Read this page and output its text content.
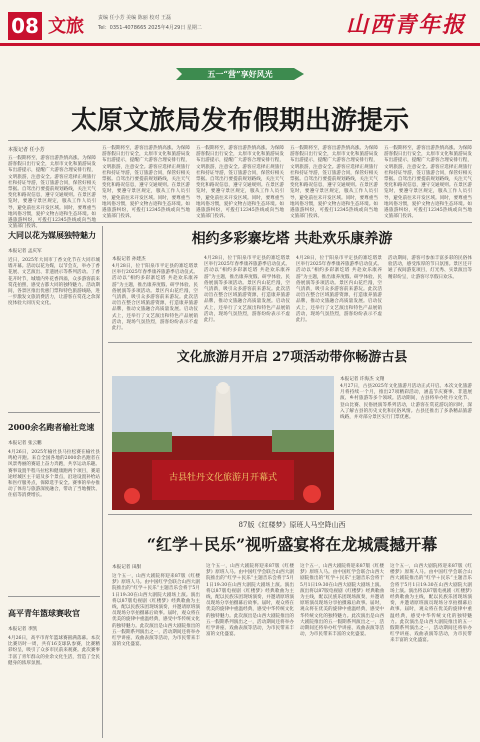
08 文旅	责编 任小芳 美编 陈丽 校对 王磊
Tel：0351-4078665 2025年4月29日 星期二	山西青年报
五一“营”享好风光
太原文旅局发布假期出游提示
本报记者 任小芳
五一假期将至，游客出游热情高涨。为保障游客假日出行安全，太原市文化和旅游局发布出游提示，提醒广大游客合理安排行程，文明旅游，注意安全。游客应选择正规旅行社和持证导游，签订旅游合同，保管好相关票据。自驾出行要提前规划路线，关注天气变化和路况信息，遵守交通规则。在景区游览时，要遵守景区规定，服从工作人员引导，避免前往未开发区域。同时，要尊重当地风俗习惯，爱护文物古迹和生态环境。如遇旅游纠纷，可拨打12345热线或向当地文旅部门投诉。
五一假期将至，游客出游热情高涨。为保障游客假日出行安全，太原市文化和旅游局发布出游提示，提醒广大游客合理安排行程，文明旅游，注意安全。游客应选择正规旅行社和持证导游，签订旅游合同，保管好相关票据。自驾出行要提前规划路线，关注天气变化和路况信息，遵守交通规则。在景区游览时，要遵守景区规定，服从工作人员引导，避免前往未开发区域。同时，要尊重当地风俗习惯，爱护文物古迹和生态环境。如遇旅游纠纷，可拨打12345热线或向当地文旅部门投诉。
五一假期将至，游客出游热情高涨。为保障游客假日出行安全，太原市文化和旅游局发布出游提示，提醒广大游客合理安排行程，文明旅游，注意安全。游客应选择正规旅行社和持证导游，签订旅游合同，保管好相关票据。自驾出行要提前规划路线，关注天气变化和路况信息，遵守交通规则。在景区游览时，要遵守景区规定，服从工作人员引导，避免前往未开发区域。同时，要尊重当地风俗习惯，爱护文物古迹和生态环境。如遇旅游纠纷，可拨打12345热线或向当地文旅部门投诉。
五一假期将至，游客出游热情高涨。为保障游客假日出行安全，太原市文化和旅游局发布出游提示，提醒广大游客合理安排行程，文明旅游，注意安全。游客应选择正规旅行社和持证导游，签订旅游合同，保管好相关票据。自驾出行要提前规划路线，关注天气变化和路况信息，遵守交通规则。在景区游览时，要遵守景区规定，服从工作人员引导，避免前往未开发区域。同时，要尊重当地风俗习惯，爱护文物古迹和生态环境。如遇旅游纠纷，可拨打12345热线或向当地文旅部门投诉。
五一假期将至，游客出游热情高涨。为保障游客假日出行安全，太原市文化和旅游局发布出游提示，提醒广大游客合理安排行程，文明旅游，注意安全。游客应选择正规旅行社和持证导游，签订旅游合同，保管好相关票据。自驾出行要提前规划路线，关注天气变化和路况信息，遵守交通规则。在景区游览时，要遵守景区规定，服从工作人员引导，避免前往未开发区域。同时，要尊重当地风俗习惯，爱护文物古迹和生态环境。如遇旅游纠纷，可拨打12345热线或向当地文旅部门投诉。
大同以花为媒展独特魅力
本报记者 孟庆军
近日，2025年大同市丁香文化节在大同市城墙开幕。活动以花为媒，以节会友，举办丁香花展、文艺演出、非遗展示等系列活动。丁香花开时节，城墙内外花香四溢，众多游客前来赏花拍照，感受古都大同的独特魅力。活动期间，各景区推出优惠门票和特色旅游线路，进一步激发文旅消费活力，让游客在赏花之余深度体验大同历史文化。
2000余名跑者榆社竞速
本报记者 张云鹏
4月26日，2025年榆社县马拉松赛在榆社县鸣枪开跑。来自全国各地的2000余名跑者在风景秀丽的赛道上奋力奔跑，共享运动乐趣。赛事设置半程马拉松和健康跑两个项目，赛道途经城区主干道及多个景点，沿途设置补给站和医疗服务点，保障选手安全。赛事的举办推动了体育与旅游深度融合，带动了当地餐饮、住宿等消费增长。
高平青年篮球赛收官
本报记者 李凯
4月26日，高平市青年篮球赛圆满落幕。本次比赛历时一周，共有16支球队参赛，比赛精彩纷呈，吸引了众多市民前来观赛。此次赛事丰富了青年群众的业余文化生活，营造了全民健身的浓厚氛围。
相约多彩寨圪塔 共赴欢乐康养游
本报记者 孙建杰
4月28日，位于阳泉市平定县的寨圪塔景区举行2025年春季康养旅游季启动仪式。活动以“相约多彩寨圪塔 共赴欢乐康养游”为主题，推出康养度假、研学体验、民俗展演等多项活动。景区内山花烂漫，空气清新，吸引众多游客前来游玩。此次活动旨在整合区域旅游资源，打造康养旅游品牌，推动文旅融合高质量发展。启动仪式上，还举行了文艺演出和特色产品展销活动，现场气氛热烈，游客纷纷表示不虚此行。
4月28日，位于阳泉市平定县的寨圪塔景区举行2025年春季康养旅游季启动仪式。活动以“相约多彩寨圪塔 共赴欢乐康养游”为主题，推出康养度假、研学体验、民俗展演等多项活动。景区内山花烂漫，空气清新，吸引众多游客前来游玩。此次活动旨在整合区域旅游资源，打造康养旅游品牌，推动文旅融合高质量发展。启动仪式上，还举行了文艺演出和特色产品展销活动，现场气氛热烈，游客纷纷表示不虚此行。
4月28日，位于阳泉市平定县的寨圪塔景区举行2025年春季康养旅游季启动仪式。活动以“相约多彩寨圪塔 共赴欢乐康养游”为主题，推出康养度假、研学体验、民俗展演等多项活动。景区内山花烂漫，空气清新，吸引众多游客前来游玩。此次活动旨在整合区域旅游资源，打造康养旅游品牌，推动文旅融合高质量发展。启动仪式上，还举行了文艺演出和特色产品展销活动，现场气氛热烈，游客纷纷表示不虚此行。
活动期间，游客可参加丰富多彩的民俗体验活动，感受浓厚的节日氛围。景区还开通了夜间游览项目，灯光秀、实景演出等精彩纷呈，让游客尽享假日欢乐。
文化旅游月开启 27项活动带你畅游古县
古县牡丹文化旅游月开幕式
本报记者 许海杰 文翔
4月27日，古县2025年文化旅游月活动正式开启。本次文化旅游月将持续一个月，推出27项精彩活动，涵盖节庆赛事、非遗展演、乡村旅游等多个领域。活动期间，古县将举办牡丹文化节、登山比赛、民俗展演等系列活动，让游客在赏花游玩的同时，深入了解古县的历史文化和民俗风情。古县还推出了多条精品旅游线路，并对部分景区实行门票优惠。
87版《红楼梦》原班人马空降山西
“红学＋民乐”视听盛宴将在龙城震撼开幕
本报记者 田甜
这个五一，山西大剧院将迎来87版《红楼梦》原班人马。由中国红学会联合山西大剧院推出的“红学＋民乐”主题音乐会将于5月1日19:30在山西大剧院大剧场上演。演出将以87版电视剧《红楼梦》经典歌曲为主线，配以民族乐团现场演奏，并邀请原班演员现场分享拍摄幕后故事。届时，观众将在优美的旋律中重温经典，感受中华传统文化的独特魅力。此次演出是山西大剧院推出的五一假期系列演出之一，活动期间还将举办红学讲座、戏曲表演等活动，为市民带来丰富的文化盛宴。
这个五一，山西大剧院将迎来87版《红楼梦》原班人马。由中国红学会联合山西大剧院推出的“红学＋民乐”主题音乐会将于5月1日19:30在山西大剧院大剧场上演。演出将以87版电视剧《红楼梦》经典歌曲为主线，配以民族乐团现场演奏，并邀请原班演员现场分享拍摄幕后故事。届时，观众将在优美的旋律中重温经典，感受中华传统文化的独特魅力。此次演出是山西大剧院推出的五一假期系列演出之一，活动期间还将举办红学讲座、戏曲表演等活动，为市民带来丰富的文化盛宴。
这个五一，山西大剧院将迎来87版《红楼梦》原班人马。由中国红学会联合山西大剧院推出的“红学＋民乐”主题音乐会将于5月1日19:30在山西大剧院大剧场上演。演出将以87版电视剧《红楼梦》经典歌曲为主线，配以民族乐团现场演奏，并邀请原班演员现场分享拍摄幕后故事。届时，观众将在优美的旋律中重温经典，感受中华传统文化的独特魅力。此次演出是山西大剧院推出的五一假期系列演出之一，活动期间还将举办红学讲座、戏曲表演等活动，为市民带来丰富的文化盛宴。
这个五一，山西大剧院将迎来87版《红楼梦》原班人马。由中国红学会联合山西大剧院推出的“红学＋民乐”主题音乐会将于5月1日19:30在山西大剧院大剧场上演。演出将以87版电视剧《红楼梦》经典歌曲为主线，配以民族乐团现场演奏，并邀请原班演员现场分享拍摄幕后故事。届时，观众将在优美的旋律中重温经典，感受中华传统文化的独特魅力。此次演出是山西大剧院推出的五一假期系列演出之一，活动期间还将举办红学讲座、戏曲表演等活动，为市民带来丰富的文化盛宴。
